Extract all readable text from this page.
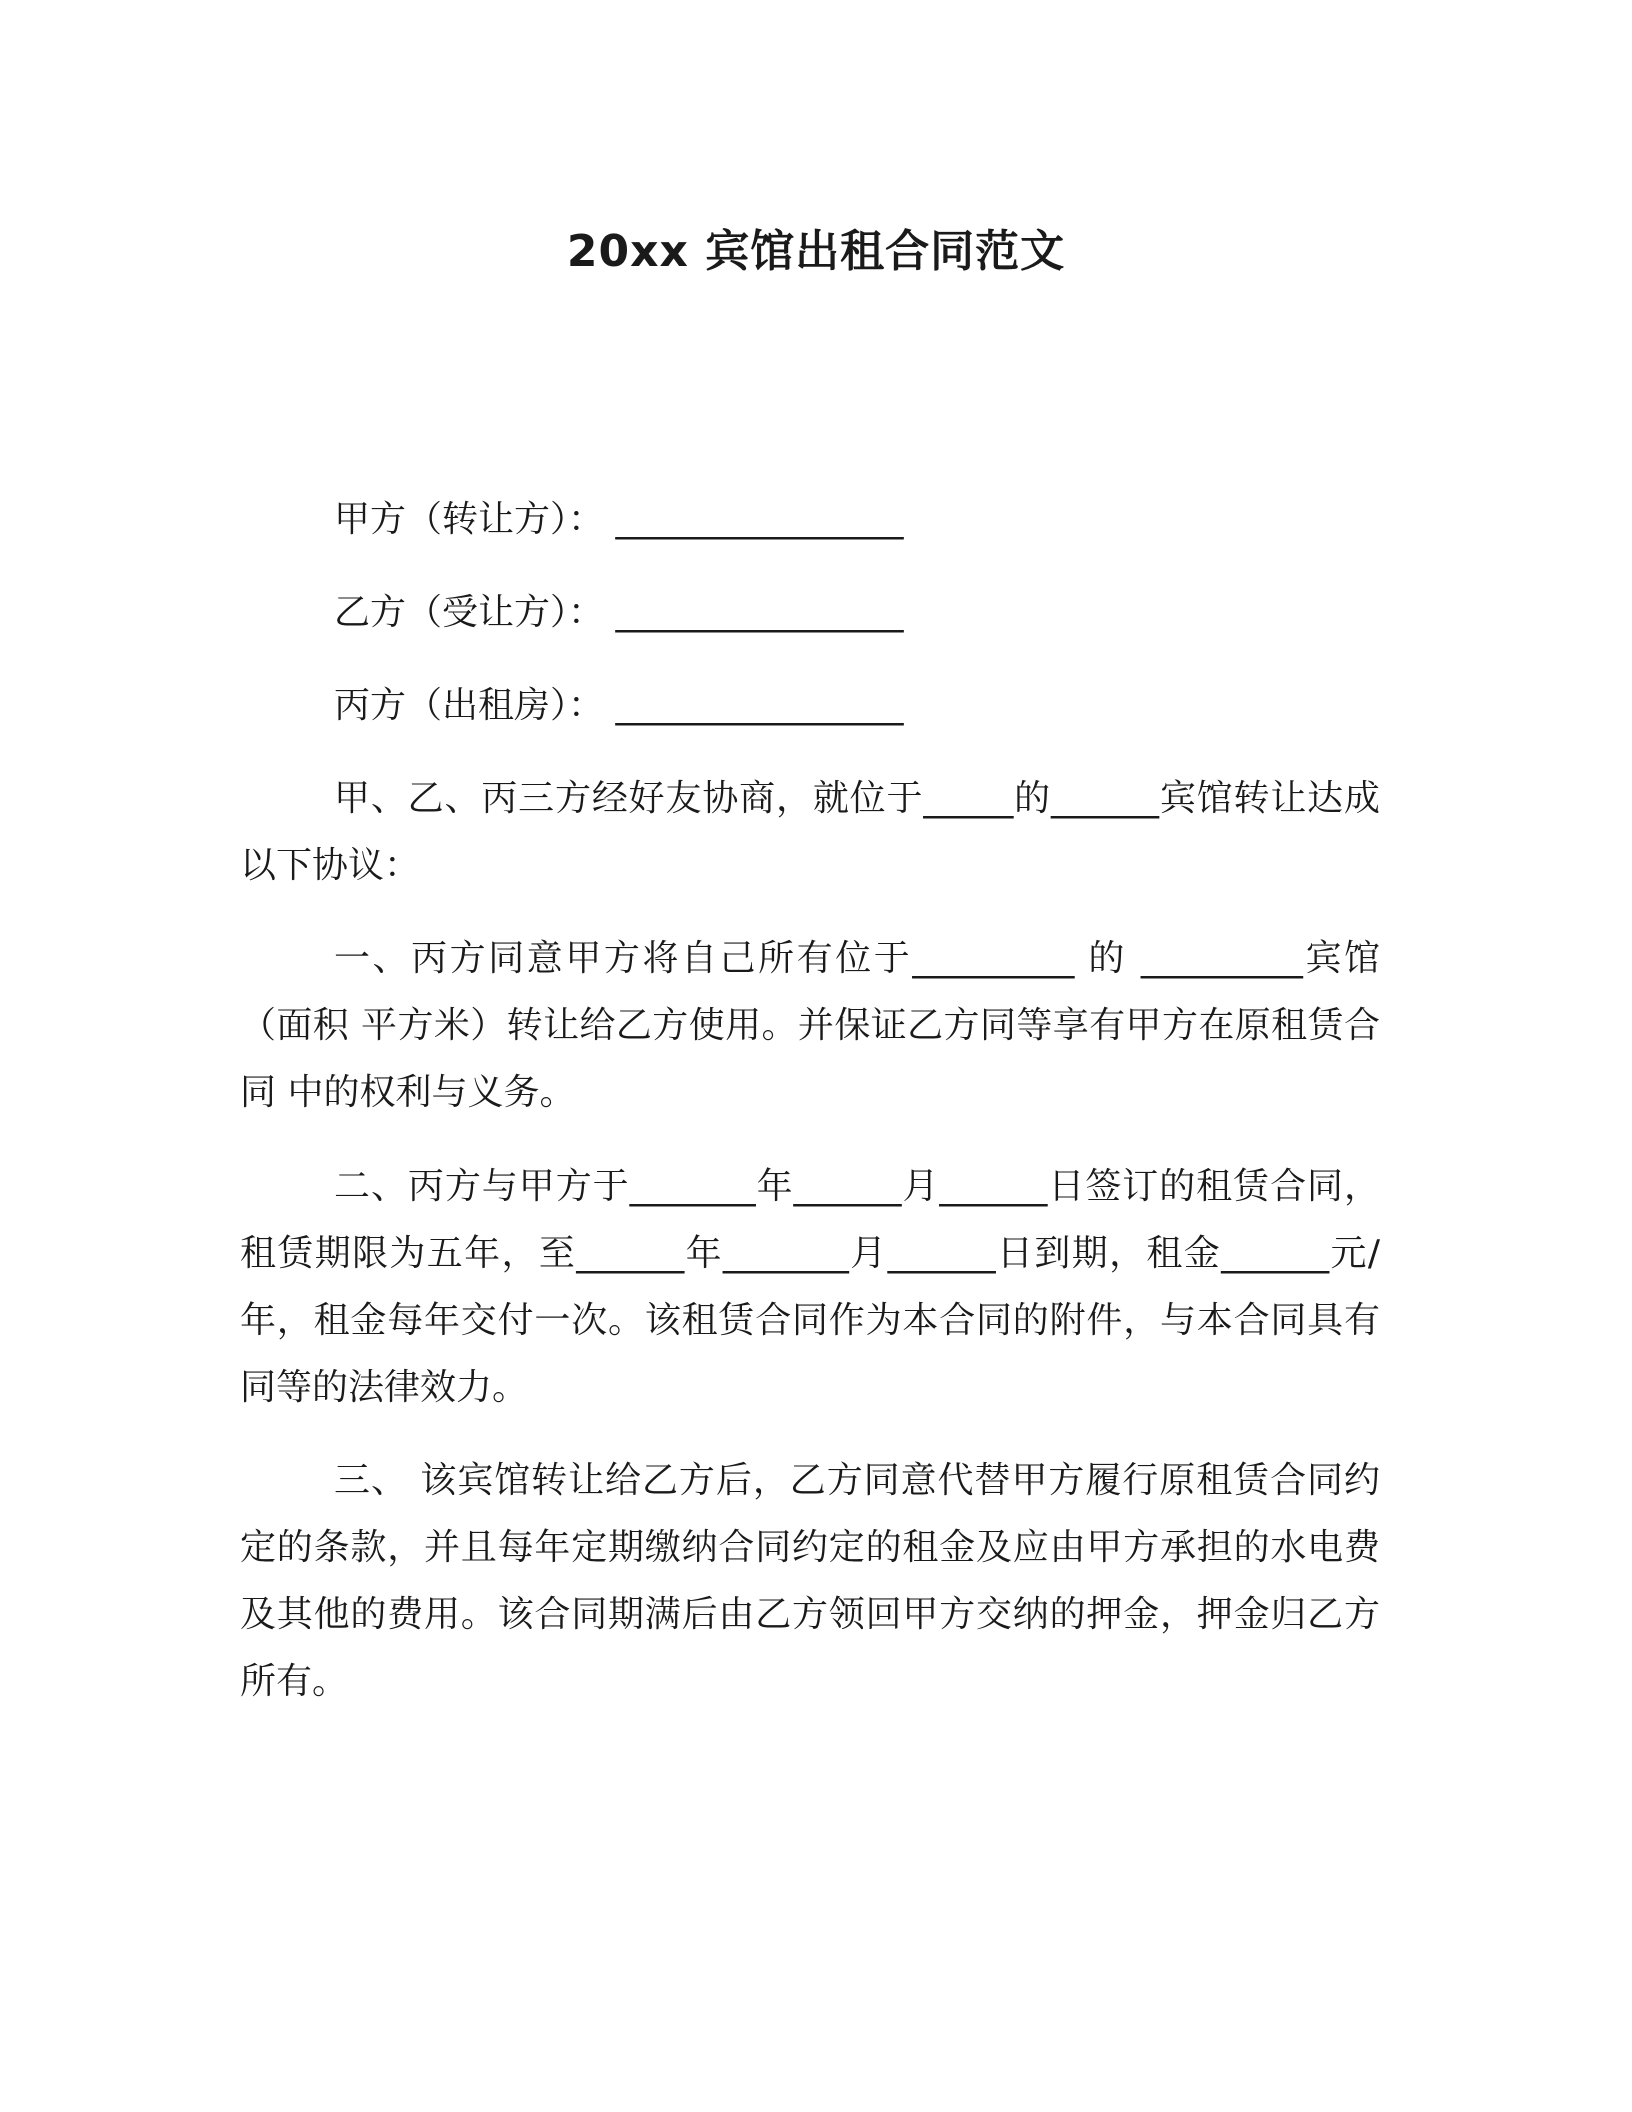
20xx 宾馆出租合同范文
甲方（转让方）： ________________
乙方（受让方）： ________________
丙方（出租房）： ________________
甲、乙、丙三方经好友协商，就位于_____的______宾馆转让达成以下协议：
一、丙方同意甲方将自己所有位于_________ 的 _________宾馆（面积 平方米）转让给乙方使用。并保证乙方同等享有甲方在原租赁合同 中的权利与义务。
二、丙方与甲方于_______年______月______日签订的租赁合同，租赁期限为五年，至______年_______月______日到期，租金______元/年，租金每年交付一次。该租赁合同作为本合同的附件，与本合同具有同等的法律效力。
三、 该宾馆转让给乙方后，乙方同意代替甲方履行原租赁合同约定的条款，并且每年定期缴纳合同约定的租金及应由甲方承担的水电费及其他的费用。该合同期满后由乙方领回甲方交纳的押金，押金归乙方所有。
